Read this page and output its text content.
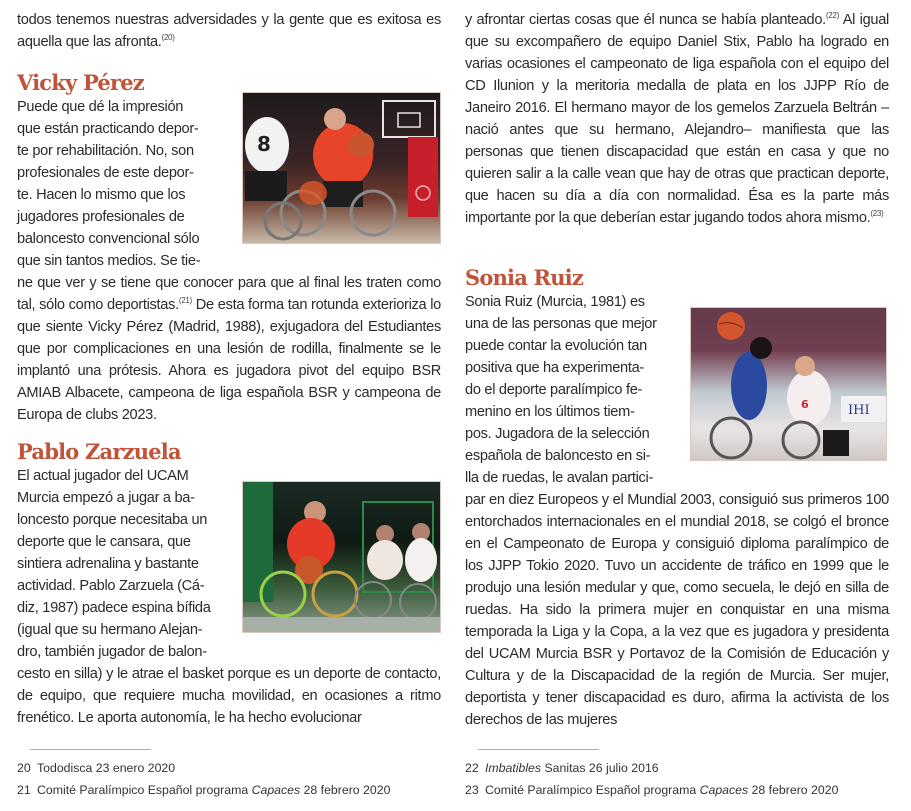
todos tenemos nuestras adversidades y la gente que es exitosa es aquella que las afronta.$^{(20)}$

Vicky Pérez
Puede que dé la impresión
que están practicando depor-
te por rehabilitación. No, son
profesionales de este depor-
te. Hacen lo mismo que los
jugadores profesionales de
baloncesto convencional sólo
que sin tantos medios. Se tie-
8

ne que ver y se tiene que conocer para que al final les traten como tal, sólo como deportistas.$^{(21)}$ De esta forma tan rotunda exterioriza lo que siente Vicky Pérez (Madrid, 1988), exjugadora del Estudiantes que por complicaciones en una lesión de rodilla, finalmente se le implantó una prótesis. Ahora es jugadora pivot del equipo BSR AMIAB Albacete, campeona de liga española BSR y campeona de Europa de clubs 2023.

Pablo Zarzuela
El actual jugador del UCAM
Murcia empezó a jugar a ba-
loncesto porque necesitaba un
deporte que le cansara, que
sintiera adrenalina y bastante
actividad. Pablo Zarzuela (Cá-
diz, 1987) padece espina bífida
(igual que su hermano Alejan-
dro, también jugador de balon-

cesto en silla) y le atrae el basket porque es un deporte de contacto, de equipo, que requiere mucha movilidad, en ocasiones a ritmo frenético. Le aporta autonomía, le ha hecho evolucionar

20 Tododisca 23 enero 2020
21 Comité Paralímpico Español programa Capaces 28 febrero 2020

y afrontar ciertas cosas que él nunca se había planteado.$^{(22)}$ Al igual que su excompañero de equipo Daniel Stix, Pablo ha logrado en varias ocasiones el campeonato de liga española con el equipo del CD Ilunion y la meritoria medalla de plata en los JJPP Río de Janeiro 2016. El hermano mayor de los gemelos Zarzuela Beltrán –nació antes que su hermano, Alejandro– manifiesta que las personas que tienen discapacidad que están en casa y que no quieren salir a la calle vean que hay de otras que practican deporte, que hacen su día a día con normalidad. Ésa es la parte más importante por la que deberían estar jugando todos ahora mismo.$^{(23)}$

Sonia Ruiz
Sonia Ruiz (Murcia, 1981) es
una de las personas que mejor
puede contar la evolución tan
positiva que ha experimenta-
do el deporte paralímpico fe-
menino en los últimos tiem-
pos. Jugadora de la selección
española de baloncesto en si-
lla de ruedas, le avalan partici-
6	IHI

par en diez Europeos y el Mundial 2003, consiguió sus primeros 100 entorchados internacionales en el mundial 2018, se colgó el bronce en el Campeonato de Europa y consiguió diploma paralímpico de los JJPP Tokio 2020. Tuvo un accidente de tráfico en 1999 que le produjo una lesión medular y que, como secuela, le dejó en silla de ruedas. Ha sido la primera mujer en conquistar en una misma temporada la Liga y la Copa, a la vez que es jugadora y presidenta del UCAM Murcia BSR y Portavoz de la Comisión de Educación y Cultura y de la Discapacidad de la región de Murcia. Ser mujer, deportista y tener discapacidad es duro, afirma la activista de los derechos de las mujeres

22 Imbatibles Sanitas 26 julio 2016
23 Comité Paralímpico Español programa Capaces 28 febrero 2020
